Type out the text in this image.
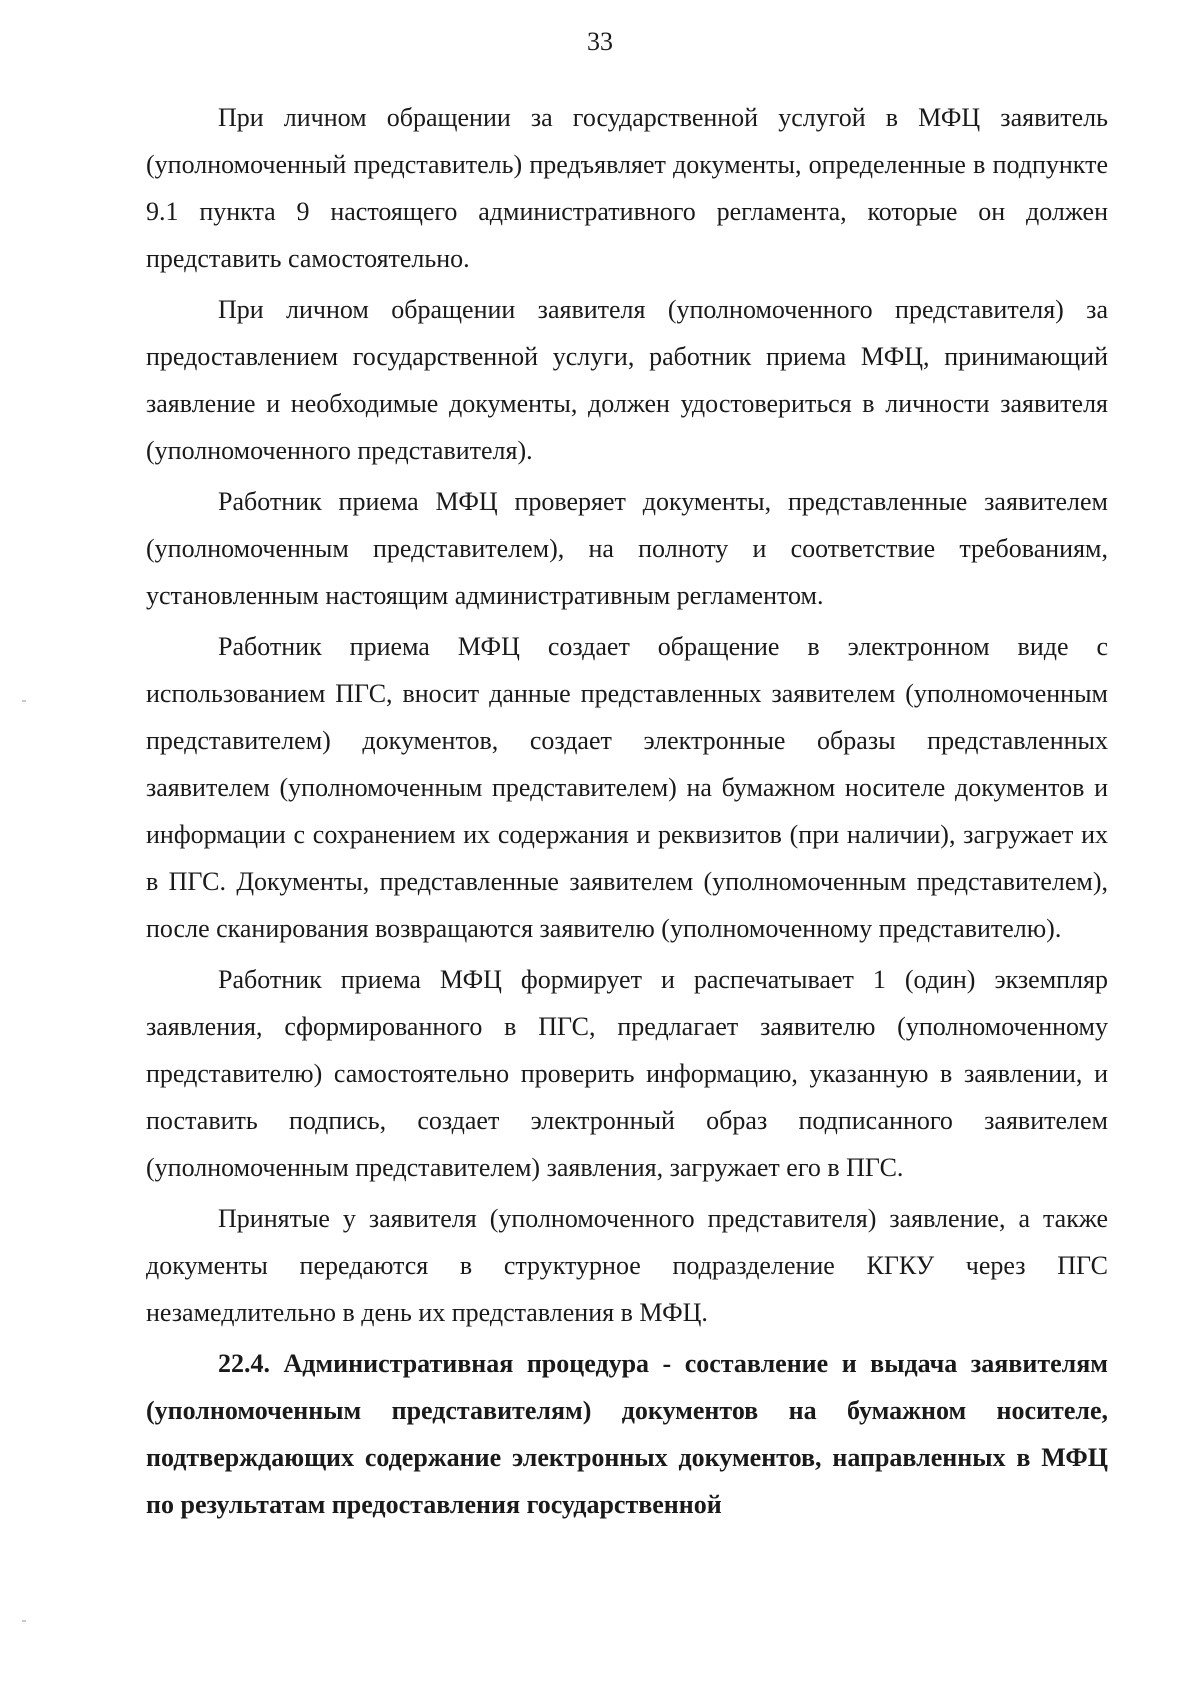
33

При личном обращении за государственной услугой в МФЦ заявитель (уполномоченный представитель) предъявляет документы, определенные в подпункте 9.1 пункта 9 настоящего административного регламента, которые он должен представить самостоятельно.

При личном обращении заявителя (уполномоченного представителя) за предоставлением государственной услуги, работник приема МФЦ, принимающий заявление и необходимые документы, должен удостовериться в личности заявителя (уполномоченного представителя).

Работник приема МФЦ проверяет документы, представленные заявителем (уполномоченным представителем), на полноту и соответствие требованиям, установленным настоящим административным регламентом.

Работник приема МФЦ создает обращение в электронном виде с использованием ПГС, вносит данные представленных заявителем (уполномоченным представителем) документов, создает электронные образы представленных заявителем (уполномоченным представителем) на бумажном носителе документов и информации с сохранением их содержания и реквизитов (при наличии), загружает их в ПГС. Документы, представленные заявителем (уполномоченным представителем), после сканирования возвращаются заявителю (уполномоченному представителю).

Работник приема МФЦ формирует и распечатывает 1 (один) экземпляр заявления, сформированного в ПГС, предлагает заявителю (уполномоченному представителю) самостоятельно проверить информацию, указанную в заявлении, и поставить подпись, создает электронный образ подписанного заявителем (уполномоченным представителем) заявления, загружает его в ПГС.

Принятые у заявителя (уполномоченного представителя) заявление, а также документы передаются в структурное подразделение КГКУ через ПГС незамедлительно в день их представления в МФЦ.

22.4. Административная процедура - составление и выдача заявителям (уполномоченным представителям) документов на бумажном носителе, подтверждающих содержание электронных документов, направленных в МФЦ по результатам предоставления государственной
